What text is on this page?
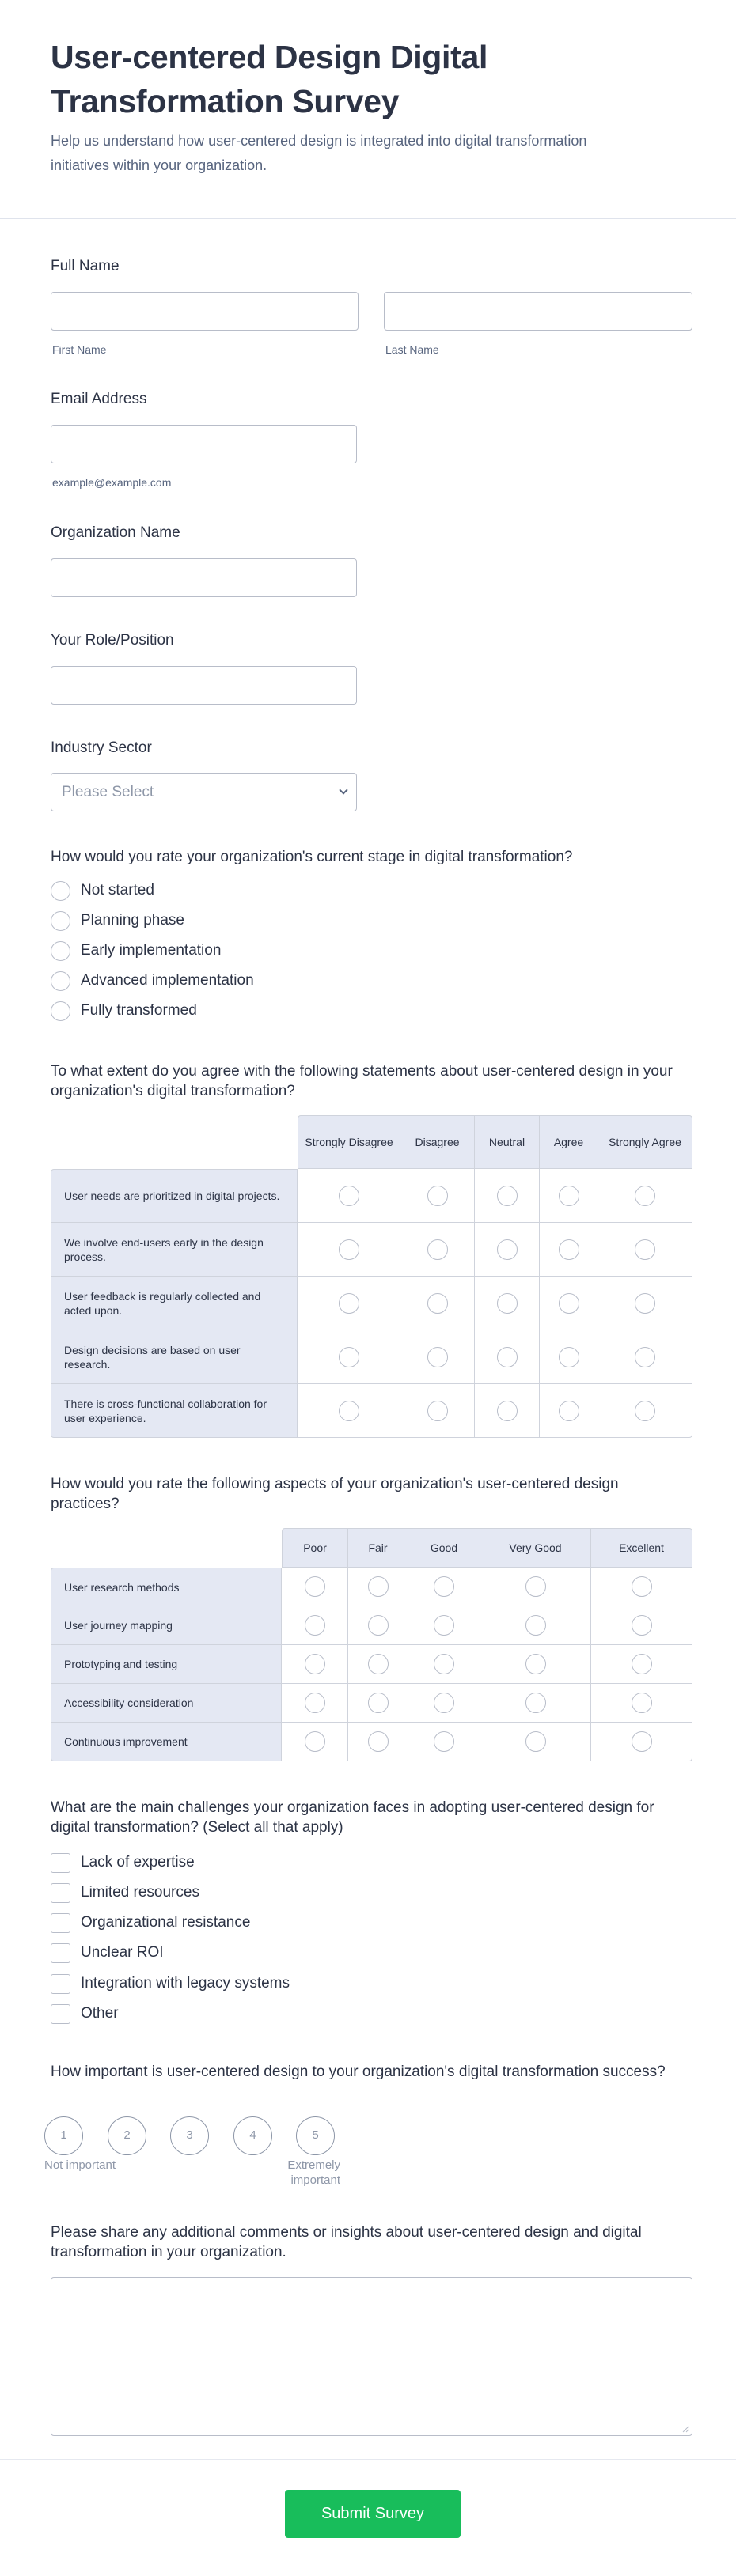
User-centered Design Digital Transformation Survey

Help us understand how user-centered design is integrated into digital transformation initiatives within your organization.

Full Name
First Name	Last Name
Email Address
example@example.com
Organization Name
Your Role/Position
Industry Sector
Please Select
How would you rate your organization's current stage in digital transformation?
Not started
Planning phase
Early implementation
Advanced implementation
Fully transformed
To what extent do you agree with the following statements about user-centered design in your organization's digital transformation?
	Strongly Disagree	Disagree	Neutral	Agree	Strongly Agree
User needs are prioritized in digital projects.					
We involve end-users early in the design process.					
User feedback is regularly collected and acted upon.					
Design decisions are based on user research.					
There is cross-functional collaboration for user experience.					
How would you rate the following aspects of your organization's user-centered design practices?
	Poor	Fair	Good	Very Good	Excellent
User research methods					
User journey mapping					
Prototyping and testing					
Accessibility consideration					
Continuous improvement					
What are the main challenges your organization faces in adopting user-centered design for digital transformation? (Select all that apply)
Lack of expertise
Limited resources
Organizational resistance
Unclear ROI
Integration with legacy systems
Other
How important is user-centered design to your organization's digital transformation success?
1	2	3	4	5
Not important	Extremely important
Please share any additional comments or insights about user-centered design and digital transformation in your organization.
Submit Survey
